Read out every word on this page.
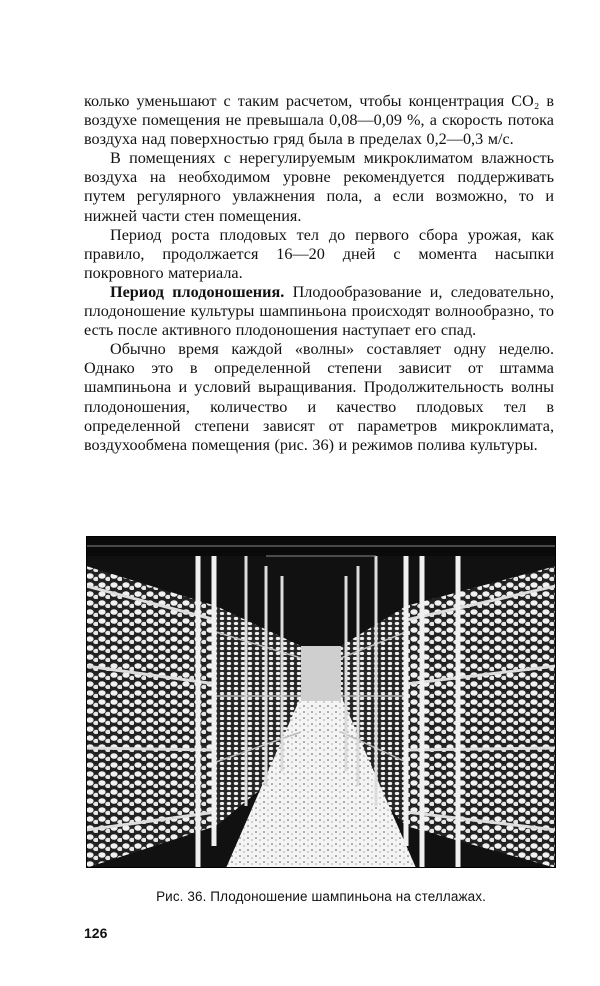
колько уменьшают с таким расчетом, чтобы концентрация CO₂ в воздухе помещения не превышала 0,08—0,09 %, а скорость потока воздуха над поверхностью гряд была в пределах 0,2—0,3 м/с.

В помещениях с нерегулируемым микроклиматом влажность воздуха на необходимом уровне рекомендуется поддерживать путем регулярного увлажнения пола, а если возможно, то и нижней части стен помещения.

Период роста плодовых тел до первого сбора урожая, как правило, продолжается 16—20 дней с момента насыпки покровного материала.

Период плодоношения. Плодообразование и, следовательно, плодоношение культуры шампиньона происходят волнообразно, то есть после активного плодоношения наступает его спад.

Обычно время каждой «волны» составляет одну неделю. Однако это в определенной степени зависит от штамма шампиньона и условий выращивания. Продолжительность волны плодоношения, количество и качество плодовых тел в определенной степени зависят от параметров микроклимата, воздухообмена помещения (рис. 36) и режимов полива культуры.

Рис. 36. Плодоношение шампиньона на стеллажах.
126
